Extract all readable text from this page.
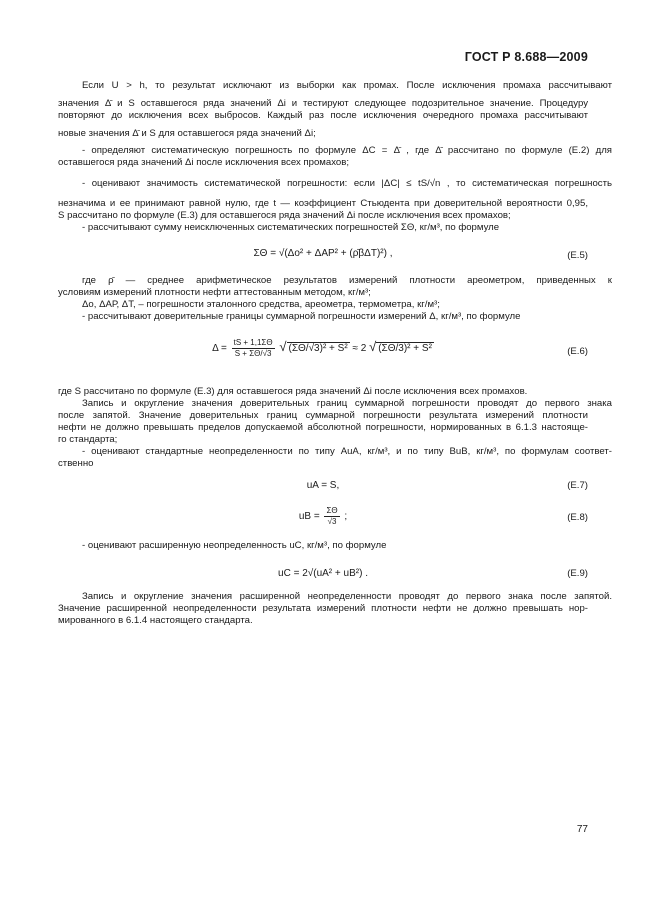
ГОСТ Р 8.688—2009
Если U > h, то результат исключают из выборки как промах. После исключения промаха рассчитывают
значения Δ̄ и S оставшегося ряда значений Δi и тестируют следующее подозрительное значение. Процедуру
повторяют до исключения всех выбросов. Каждый раз после исключения очередного промаха рассчитывают
новые значения Δ̄ и S для оставшегося ряда значений Δi;
- определяют систематическую погрешность по формуле ΔС = Δ̄ , где Δ̄ рассчитано по формуле (Е.2) для
оставшегося ряда значений Δi после исключения всех промахов;
- оценивают значимость систематической погрешности: если |ΔС| ≤ tS/√n , то систематическая погрешность
незначима и ее принимают равной нулю, где t — коэффициент Стьюдента при доверительной вероятности 0,95,
S рассчитано по формуле (Е.3) для оставшегося ряда значений Δi после исключения всех промахов;
- рассчитывают сумму неисключенных систематических погрешностей ΣΘ, кг/м³, по формуле
ΣΘ = √(Δо² + ΔАР² + (ρ̄βΔТ)²) ,	(Е.5)
где ρ̄ — среднее арифметическое результатов измерений плотности ареометром, приведенных к
условиям измерений плотности нефти аттестованным методом, кг/м³;
Δо, ΔАР, ΔТ, – погрешности эталонного средства, ареометра, термометра, кг/м³;
- рассчитывают доверительные границы суммарной погрешности измерений Δ, кг/м³, по формуле
$\Delta = \frac{tS + 1,1\Sigma\Theta}{S + \Sigma\Theta/√3}$ √ (ΣΘ/√3)² + S² ≈ 2 √ (ΣΘ/3)² + S²	(Е.6)
где S рассчитано по формуле (Е.3) для оставшегося ряда значений Δi после исключения всех промахов.
Запись и округление значения доверительных границ суммарной погрешности проводят до первого знака
после запятой. Значение доверительных границ суммарной погрешности результата измерений плотности
нефти не должно превышать пределов допускаемой абсолютной погрешности, нормированных в 6.1.3 настояще-
го стандарта;
- оценивают стандартные неопределенности по типу АuA, кг/м³, и по типу ВuB, кг/м³, по формулам соответ-
ственно
uA = S,	(Е.7)
uB = $\frac{\Sigma\Theta}{√3}$ ;	(Е.8)
- оценивают расширенную неопределенность uC, кг/м³, по формуле
uC = 2√(uA² + uB²) .	(Е.9)
Запись и округление значения расширенной неопределенности проводят до первого знака после запятой.
Значение расширенной неопределенности результата измерений плотности нефти не должно превышать нор-
мированного в 6.1.4 настоящего стандарта.
77
